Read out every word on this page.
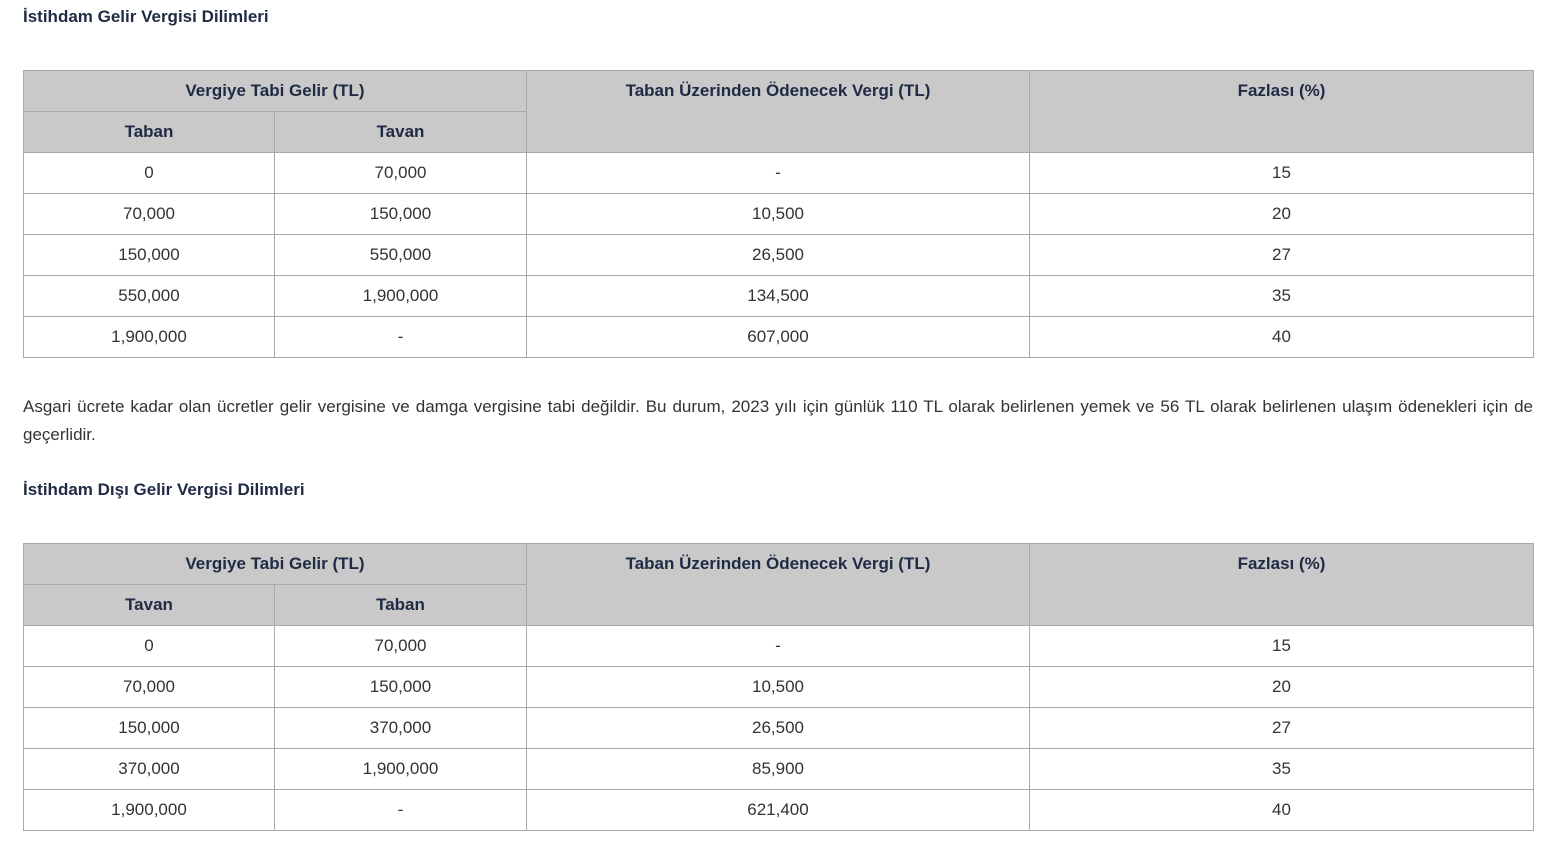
İstihdam Gelir Vergisi Dilimleri
Vergiye Tabi Gelir (TL)		Taban Üzerinden Ödenecek Vergi (TL)	Fazlası (%)
Taban	Tavan		
0	70,000	-	15
70,000	150,000	10,500	20
150,000	550,000	26,500	27
550,000	1,900,000	134,500	35
1,900,000	-	607,000	40

Asgari ücrete kadar olan ücretler gelir vergisine ve damga vergisine tabi değildir. Bu durum, 2023 yılı için günlük 110 TL olarak belirlenen yemek ve 56 TL olarak belirlenen ulaşım ödenekleri için de geçerlidir.

İstihdam Dışı Gelir Vergisi Dilimleri
Vergiye Tabi Gelir (TL)		Taban Üzerinden Ödenecek Vergi (TL)	Fazlası (%)
Tavan	Taban		
0	70,000	-	15
70,000	150,000	10,500	20
150,000	370,000	26,500	27
370,000	1,900,000	85,900	35
1,900,000	-	621,400	40
